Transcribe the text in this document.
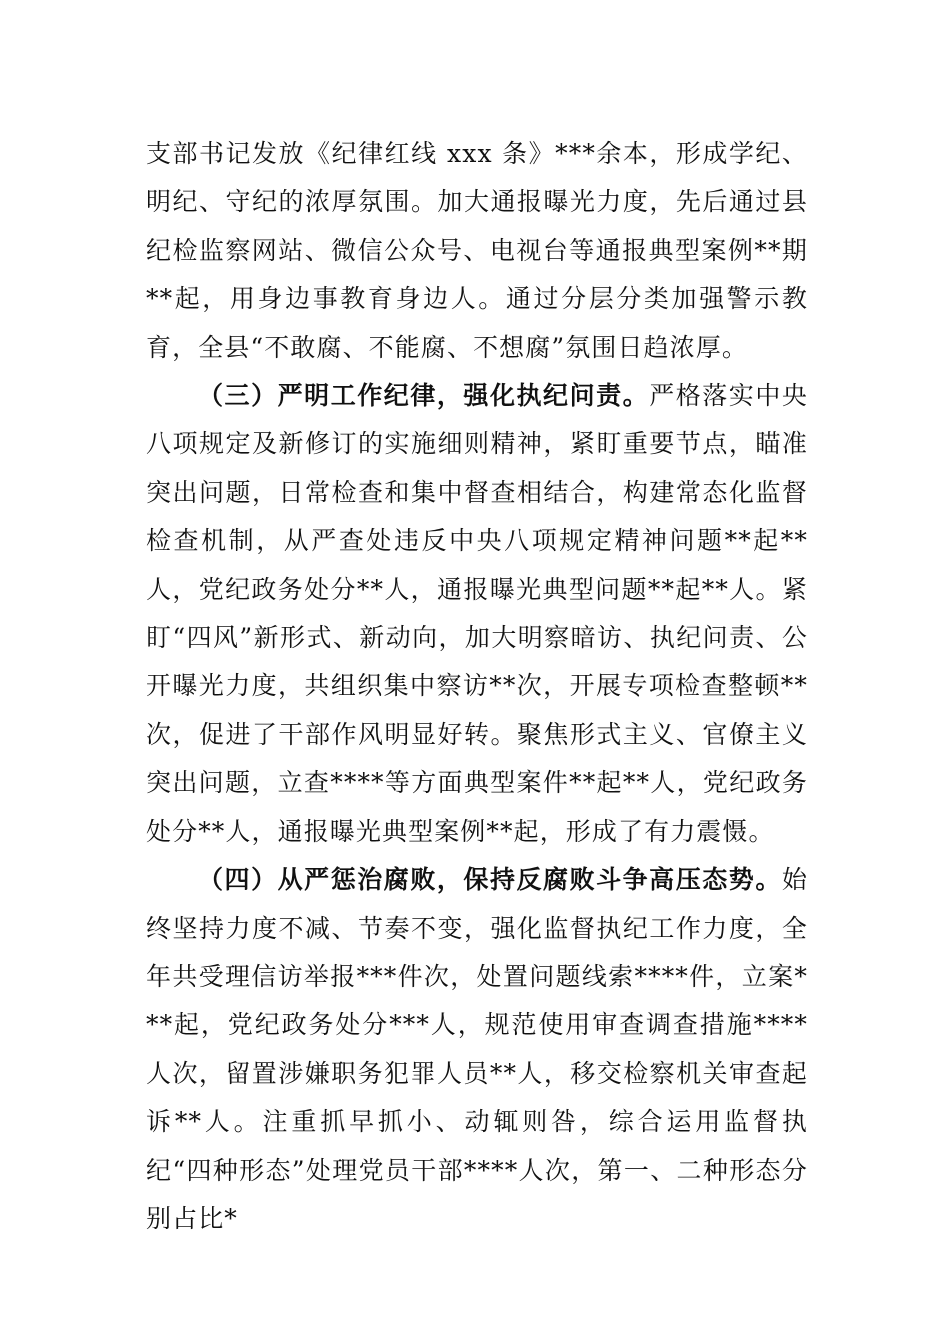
支部书记发放《纪律红线 xxx 条》***余本，形成学纪、明纪、守纪的浓厚氛围。加大通报曝光力度，先后通过县纪检监察网站、微信公众号、电视台等通报典型案例**期**起，用身边事教育身边人。通过分层分类加强警示教育，全县“不敢腐、不能腐、不想腐”氛围日趋浓厚。

（三）严明工作纪律，强化执纪问责。严格落实中央八项规定及新修订的实施细则精神，紧盯重要节点，瞄准突出问题，日常检查和集中督查相结合，构建常态化监督检查机制，从严查处违反中央八项规定精神问题**起**人，党纪政务处分**人，通报曝光典型问题**起**人。紧盯“四风”新形式、新动向，加大明察暗访、执纪问责、公开曝光力度，共组织集中察访**次，开展专项检查整顿**次，促进了干部作风明显好转。聚焦形式主义、官僚主义突出问题，立查****等方面典型案件**起**人，党纪政务处分**人，通报曝光典型案例**起，形成了有力震慑。

（四）从严惩治腐败，保持反腐败斗争高压态势。始终坚持力度不减、节奏不变，强化监督执纪工作力度，全年共受理信访举报***件次，处置问题线索****件，立案***起，党纪政务处分***人，规范使用审查调查措施****人次，留置涉嫌职务犯罪人员**人，移交检察机关审查起诉**人。注重抓早抓小、动辄则咎，综合运用监督执纪“四种形态”处理党员干部****人次，第一、二种形态分别占比*
